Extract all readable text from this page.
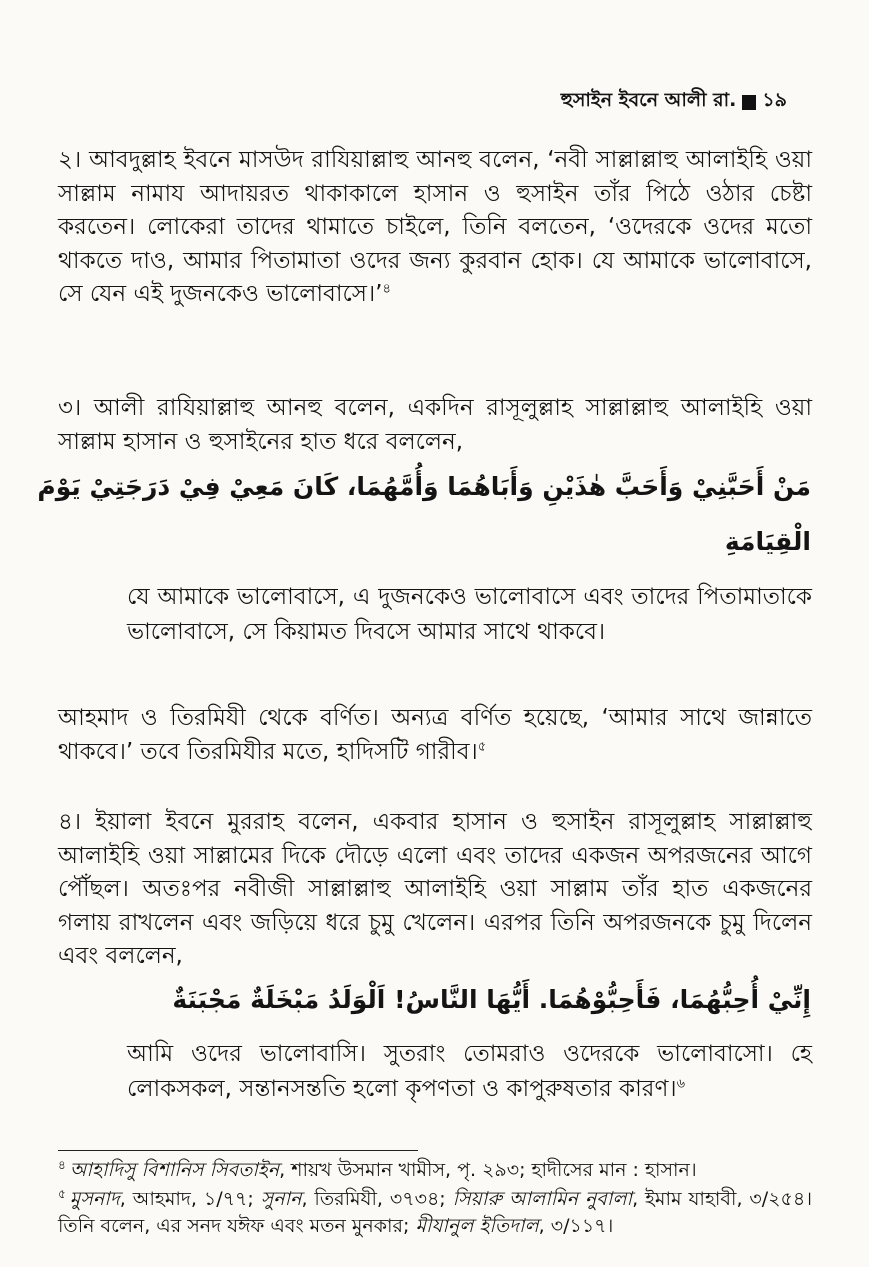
হুসাইন ইবনে আলী রা. ১৯

২। আবদুল্লাহ ইবনে মাসউদ রাযিয়াল্লাহু আনহু বলেন, ‘নবী সাল্লাল্লাহু আলাইহি ওয়া সাল্লাম নামায আদায়রত থাকাকালে হাসান ও হুসাইন তাঁর পিঠে ওঠার চেষ্টা করতেন। লোকেরা তাদের থামাতে চাইলে, তিনি বলতেন, ‘ওদেরকে ওদের মতো থাকতে দাও, আমার পিতামাতা ওদের জন্য কুরবান হোক। যে আমাকে ভালোবাসে, সে যেন এই দুজনকেও ভালোবাসে।’$^৪$

৩। আলী রাযিয়াল্লাহু আনহু বলেন, একদিন রাসূলুল্লাহ সাল্লাল্লাহু আলাইহি ওয়া সাল্লাম হাসান ও হুসাইনের হাত ধরে বললেন,

مَنْ أَحَبَّنِيْ وَأَحَبَّ هٰذَيْنِ وَأَبَاهُمَا وَأُمَّهُمَا، كَانَ مَعِيْ فِيْ دَرَجَتِيْ يَوْمَ
الْقِيَامَةِ

যে আমাকে ভালোবাসে, এ দুজনকেও ভালোবাসে এবং তাদের পিতামাতাকে ভালোবাসে, সে কিয়ামত দিবসে আমার সাথে থাকবে।

আহমাদ ও তিরমিযী থেকে বর্ণিত। অন্যত্র বর্ণিত হয়েছে, ‘আমার সাথে জান্নাতে থাকবে।’ তবে তিরমিযীর মতে, হাদিসটি গারীব।$^৫$

৪। ইয়ালা ইবনে মুররাহ বলেন, একবার হাসান ও হুসাইন রাসূলুল্লাহ সাল্লাল্লাহু আলাইহি ওয়া সাল্লামের দিকে দৌড়ে এলো এবং তাদের একজন অপরজনের আগে পৌঁছল। অতঃপর নবীজী সাল্লাল্লাহু আলাইহি ওয়া সাল্লাম তাঁর হাত একজনের গলায় রাখলেন এবং জড়িয়ে ধরে চুমু খেলেন। এরপর তিনি অপরজনকে চুমু দিলেন এবং বললেন,

إِنِّيْ أُحِبُّهُمَا، فَأَحِبُّوْهُمَا. أَيُّهَا النَّاسُ! اَلْوَلَدُ مَبْخَلَةٌ مَجْبَنَةٌ

আমি ওদের ভালোবাসি। সুতরাং তোমরাও ওদেরকে ভালোবাসো। হে লোকসকল, সন্তানসন্ততি হলো কৃপণতা ও কাপুরুষতার কারণ।$^৬$

$^৪$ আহাদিসু বিশানিস সিবতাইন, শায়খ উসমান খামীস, পৃ. ২৯৩; হাদীসের মান : হাসান।

$^৫$ মুসনাদ, আহমাদ, ১/৭৭; সুনান, তিরমিযী, ৩৭৩৪; সিয়ারু আলামিন নুবালা, ইমাম যাহাবী, ৩/২৫৪। তিনি বলেন, এর সনদ যঈফ এবং মতন মুনকার; মীযানুল ইতিদাল, ৩/১১৭।
